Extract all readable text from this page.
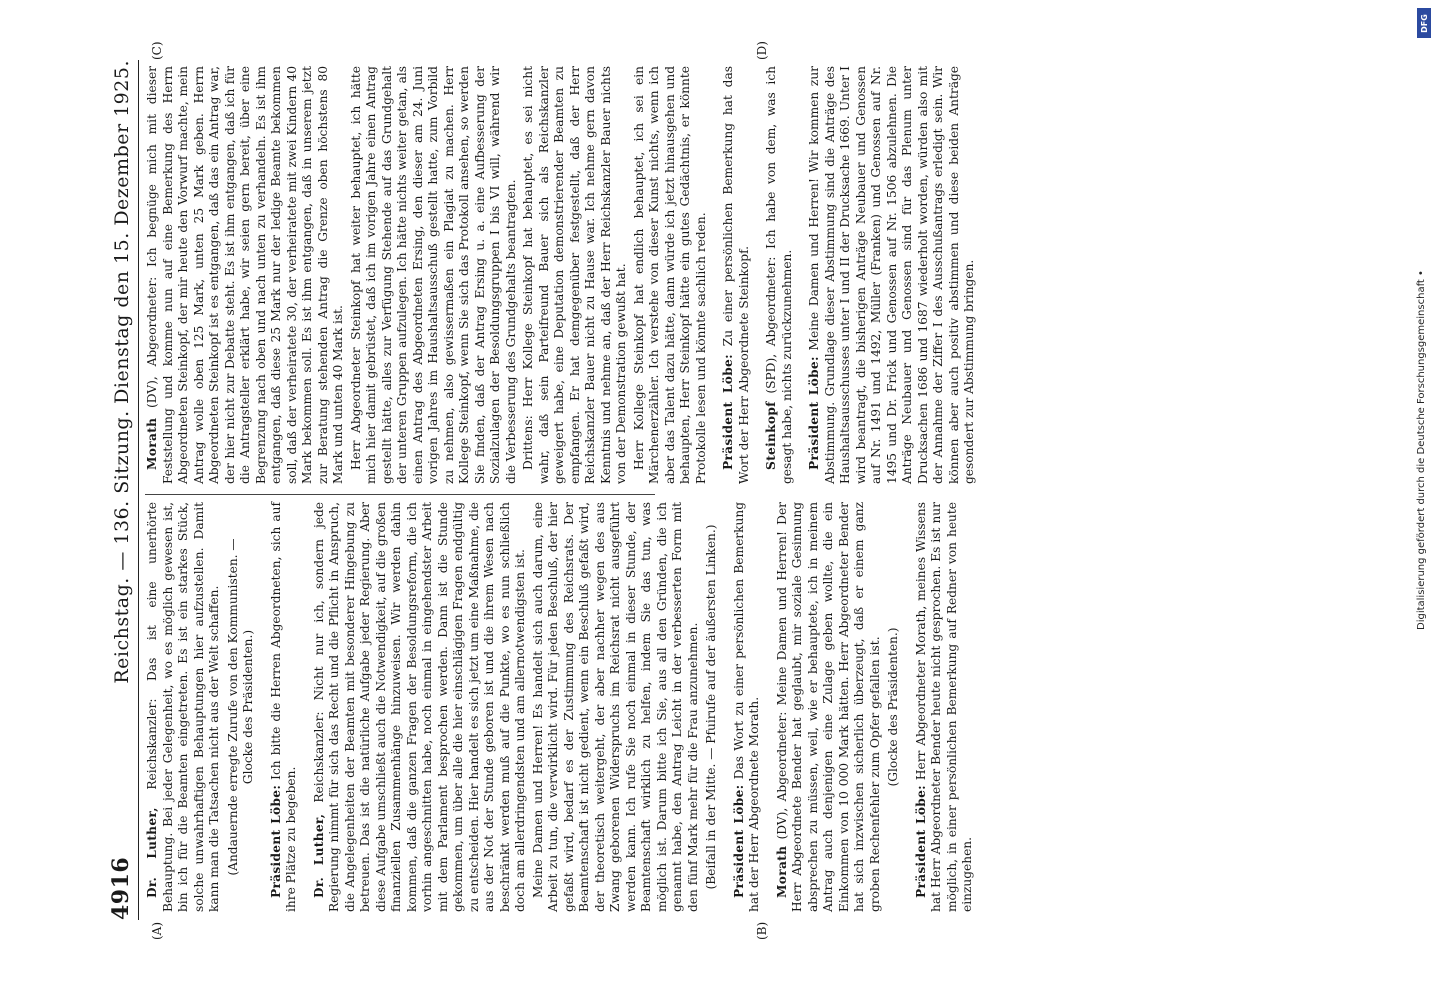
4916
Reichstag. — 136. Sitzung. Dienstag den 15. Dezember 1925.
(A)	(B)
(C)	(D)

Dr. Luther, Reichskanzler: Das ist eine unerhörte Behauptung. Bei jeder Gelegenheit, wo es möglich gewesen ist, bin ich für die Beamten eingetreten. Es ist ein starkes Stück, solche unwahrhaftigen Behauptungen hier aufzustellen. Damit kann man die Tatsachen nicht aus der Welt schaffen. (Andauernde erregte Zurufe von den Kommunisten. — Glocke des Präsidenten.)

Präsident Löbe: Ich bitte die Herren Abgeordneten, sich auf ihre Plätze zu begeben. Dr. Luther, Reichskanzler: Nicht nur ich, sondern jede Regierung nimmt für sich das Recht und die Pflicht in Anspruch, die Angelegenheiten der Beamten mit besonderer Hingebung zu betreuen. Das ist die natürliche Aufgabe jeder Regierung. Aber diese Aufgabe umschließt auch die Notwendigkeit, auf die großen finanziellen Zusammenhänge hinzuweisen. Wir werden dahin kommen, daß die ganzen Fragen der Besoldungsreform, die ich vorhin angeschnitten habe, noch einmal in eingehendster Arbeit mit dem Parlament besprochen werden. Dann ist die Stunde gekommen, um über alle die hier einschlägigen Fragen endgültig zu entscheiden. Hier handelt es sich jetzt um eine Maßnahme, die aus der Not der Stunde geboren ist und die ihrem Wesen nach beschränkt werden muß auf die Punkte, wo es nun schließlich doch am allerdringendsten und am allernotwendigsten ist. Meine Damen und Herren! Es handelt sich auch darum, eine Arbeit zu tun, die verwirklicht wird. Für jeden Beschluß, der hier gefaßt wird, bedarf es der Zustimmung des Reichsrats. Der Beamtenschaft ist nicht gedient, wenn ein Beschluß gefaßt wird, der theoretisch weitergeht, der aber nachher wegen des aus Zwang geborenen Widerspruchs im Reichsrat nicht ausgeführt werden kann. Ich rufe Sie noch einmal in dieser Stunde, der Beamtenschaft wirklich zu helfen, indem Sie das tun, was möglich ist. Darum bitte ich Sie, aus all den Gründen, die ich genannt habe, den Antrag Leicht in der verbesserten Form mit den fünf Mark mehr für die Frau anzunehmen. (Beifall in der Mitte. — Pfuirufe auf der äußersten Linken.) Präsident Löbe: Das Wort zu einer persönlichen Bemerkung hat der Herr Abgeordnete Morath. Morath (DV), Abgeordneter: Meine Damen und Herren! Der Herr Abgeordnete Bender hat geglaubt, mir soziale Gesinnung absprechen zu müssen, weil, wie er behauptete, ich in meinem Antrag auch denjenigen eine Zulage geben wollte, die ein Einkommen von 10 000 Mark hätten. Herr Abgeordneter Bender hat sich inzwischen sicherlich überzeugt, daß er einem ganz groben Rechenfehler zum Opfer gefallen ist. (Glocke des Präsidenten.)

Präsident Löbe: Herr Abgeordneter Morath, meines Wissens hat Herr Abgeordneter Bender heute nicht gesprochen. Es ist nur möglich, in einer persönlichen Bemerkung auf Redner von heute einzugehen.

Morath (DV), Abgeordneter: Ich begnüge mich mit dieser Feststellung und komme nun auf eine Bemerkung des Herrn Abgeordneten Steinkopf, der mir heute den Vorwurf machte, mein Antrag wolle oben 125 Mark, unten 25 Mark geben. Herrn Abgeordneten Steinkopf ist es entgangen, daß das ein Antrag war, der hier nicht zur Debatte steht. Es ist ihm entgangen, daß ich für die Antragsteller erklärt habe, wir seien gern bereit, über eine Begrenzung nach oben und nach unten zu verhandeln. Es ist ihm entgangen, daß diese 25 Mark nur der ledige Beamte bekommen soll, daß der verheiratete 30, der verheiratete mit zwei Kindern 40 Mark bekommen soll. Es ist ihm entgangen, daß in unserem jetzt zur Beratung stehenden Antrag die Grenze oben höchstens 80 Mark und unten 40 Mark ist. Herr Abgeordneter Steinkopf hat weiter behauptet, ich hätte mich hier damit gebrüstet, daß ich im vorigen Jahre einen Antrag gestellt hätte, alles zur Verfügung Stehende auf das Grundgehalt der unteren Gruppen aufzulegen. Ich hätte nichts weiter getan, als einen Antrag des Abgeordneten Ersing, den dieser am 24. Juni vorigen Jahres im Haushaltsausschuß gestellt hatte, zum Vorbild zu nehmen, also gewissermaßen ein Plagiat zu machen. Herr Kollege Steinkopf, wenn Sie sich das Protokoll ansehen, so werden Sie finden, daß der Antrag Ersing u. a. eine Aufbesserung der Sozialzulagen der Besoldungsgruppen I bis VI will, während wir die Verbesserung des Grundgehalts beantragten. Drittens: Herr Kollege Steinkopf hat behauptet, es sei nicht wahr, daß sein Parteifreund Bauer sich als Reichskanzler geweigert habe, eine Deputation demonstrierender Beamten zu empfangen. Er hat demgegenüber festgestellt, daß der Herr Reichskanzler Bauer nicht zu Hause war. Ich nehme gern davon Kenntnis und nehme an, daß der Herr Reichskanzler Bauer nichts von der Demonstration gewußt hat. Herr Kollege Steinkopf hat endlich behauptet, ich sei ein Märchenerzähler. Ich verstehe von dieser Kunst nichts, wenn ich aber das Talent dazu hätte, dann würde ich jetzt hinausgehen und behaupten, Herr Steinkopf hätte ein gutes Gedächtnis, er könnte Protokolle lesen und könnte sachlich reden. Präsident Löbe: Zu einer persönlichen Bemerkung hat das Wort der Herr Abgeordnete Steinkopf. Steinkopf (SPD), Abgeordneter: Ich habe von dem, was ich gesagt habe, nichts zurückzunehmen. Präsident Löbe: Meine Damen und Herren! Wir kommen zur Abstimmung. Grundlage dieser Abstimmung sind die Anträge des Haushaltsausschusses unter I und II der Drucksache 1669. Unter I wird beantragt, die bisherigen Anträge Neubauer und Genossen auf Nr. 1491 und 1492, Müller (Franken) und Genossen auf Nr. 1495 und Dr. Frick und Genossen auf Nr. 1506 abzulehnen. Die Anträge Neubauer und Genossen sind für das Plenum unter Drucksachen 1686 und 1687 wiederholt worden, würden also mit der Annahme der Ziffer I des Ausschußantrags erledigt sein. Wir können aber auch positiv abstimmen und diese beiden Anträge gesondert zur Abstimmung bringen.	Digitalisierung gefördert durch die Deutsche Forschungsgemeinschaft •
DFG
